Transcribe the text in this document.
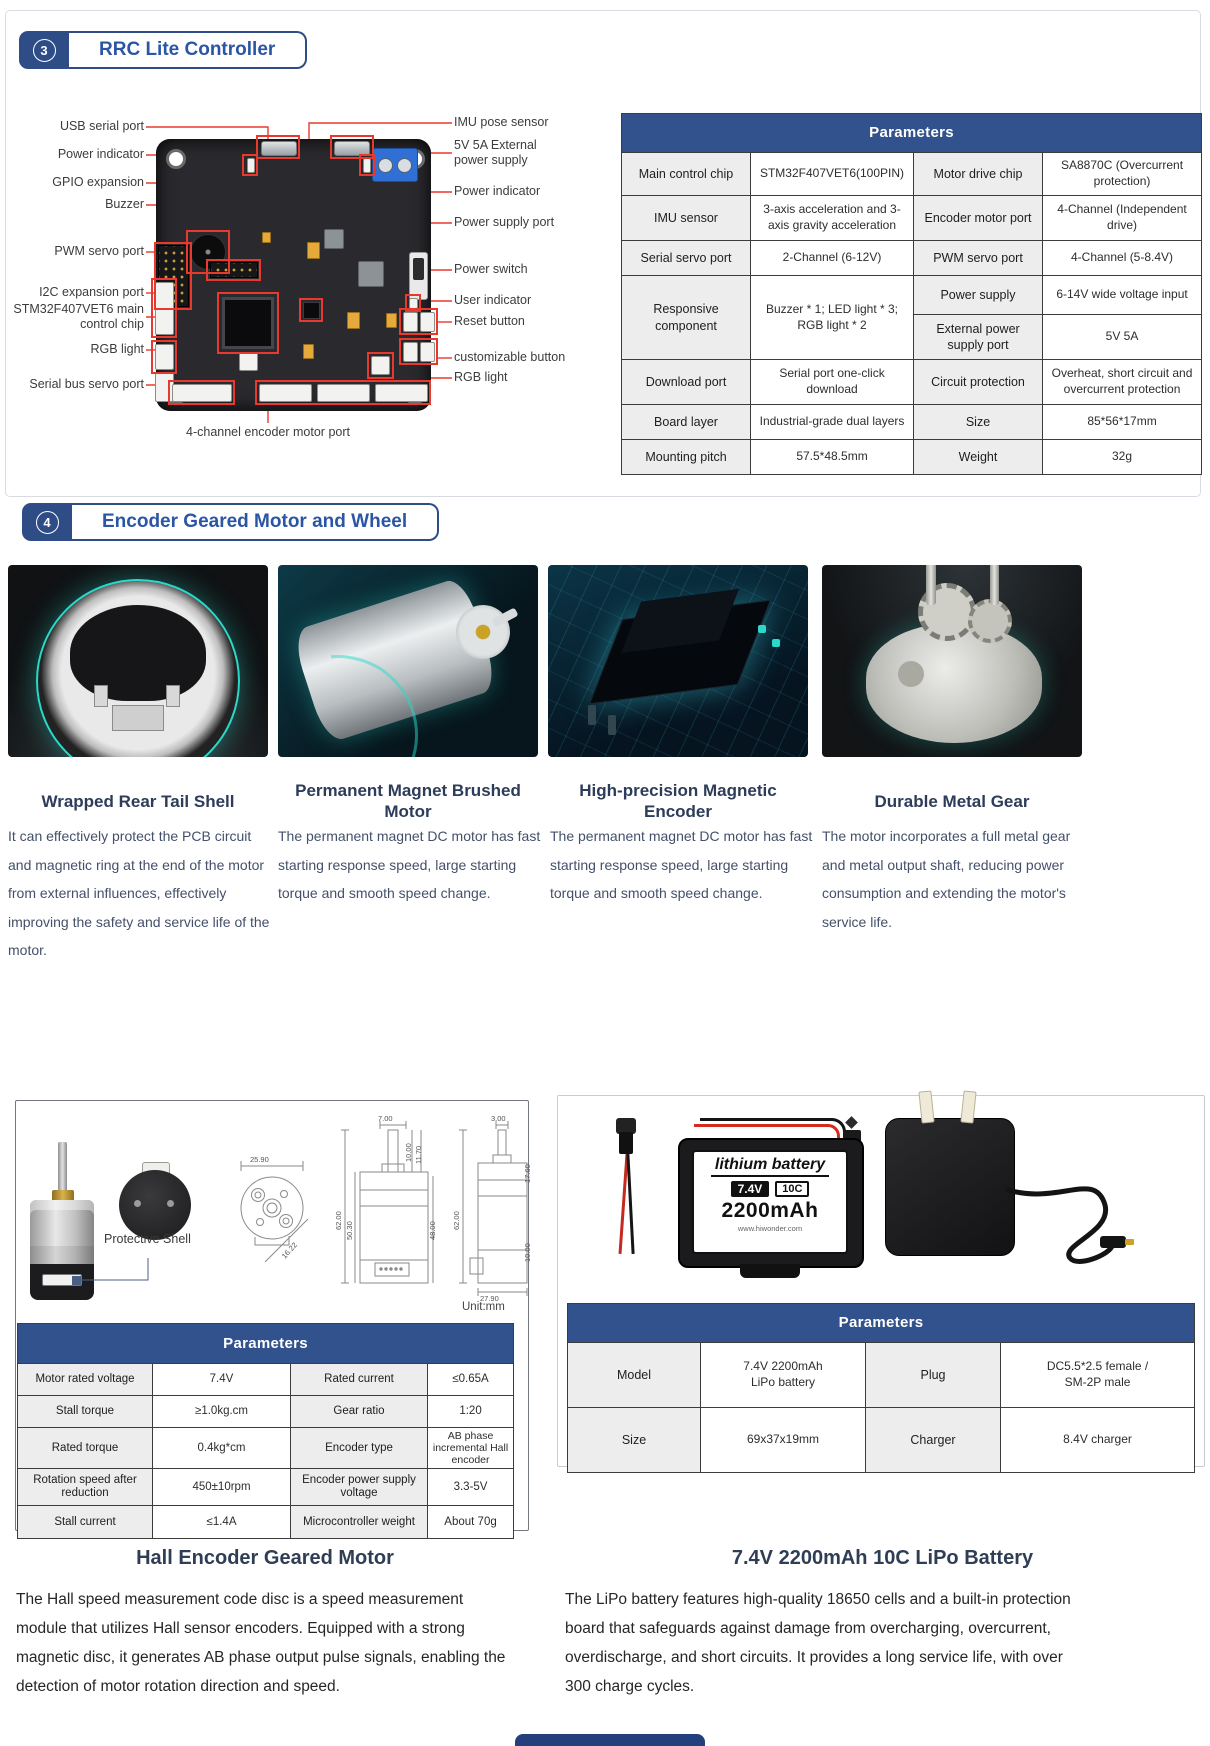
3	RRC Lite Controller
USB serial port
Power indicator
GPIO expansion
Buzzer
PWM servo port
I2C expansion port
STM32F407VET6 main control chip
RGB light
Serial bus servo port
4-channel encoder motor port
IMU pose sensor
5V 5A External power supply
Power indicator
Power supply port
Power switch
User indicator
Reset button
customizable button
RGB light
Parameters			
Main control chip	STM32F407VET6(100PIN)	Motor drive chip	SA8870C (Overcurrent protection)
IMU sensor	3-axis acceleration and 3-axis gravity acceleration	Encoder motor port	4-Channel (Independent drive)
Serial servo port	2-Channel (6-12V)	PWM servo port	4-Channel (5-8.4V)
Responsive component	Buzzer * 1; LED light * 3; RGB light * 2	Power supply	6-14V wide voltage input
		External power supply port	5V 5A
Download port	Serial port one-click download	Circuit protection	Overheat, short circuit and overcurrent protection
Board layer	Industrial-grade dual layers	Size	85*56*17mm
Mounting pitch	57.5*48.5mm	Weight	32g
4	Encoder Geared Motor and Wheel
Wrapped Rear Tail Shell
Permanent Magnet Brushed Motor
High-precision Magnetic Encoder
Durable Metal Gear
It can effectively protect the PCB circuit and magnetic ring at the end of the motor from external influences, effectively improving the safety and service life of the motor.
The permanent magnet DC motor has fast starting response speed, large starting torque and smooth speed change.
The permanent magnet DC motor has fast starting response speed, large starting torque and smooth speed change.
The motor incorporates a full metal gear and metal output shaft, reducing power consumption and extending the motor's service life.
Protective Shell
7.00
10.00 11.70
3.00
25.90
62.00
50.30	48.00
62.00
27.90
17.60
10.00
16.22
Unit:mm
Parameters			
Motor rated voltage	7.4V	Rated current	≤0.65A
Stall torque	≥1.0kg.cm	Gear ratio	1:20
Rated torque	0.4kg*cm	Encoder type	AB phase incremental Hall encoder
Rotation speed after reduction	450±10rpm	Encoder power supply voltage	3.3-5V
Stall current	≤1.4A	Microcontroller weight	About 70g
lithium battery
7.4V	10C
2200mAh
www.hiwonder.com
Parameters			
Model	7.4V 2200mAh LiPo battery	Plug	DC5.5*2.5 female / SM-2P male
Size	69x37x19mm	Charger	8.4V charger
Hall Encoder Geared Motor	7.4V 2200mAh 10C LiPo Battery
The Hall speed measurement code disc is a speed measurement module that utilizes Hall sensor encoders. Equipped with a strong magnetic disc, it generates AB phase output pulse signals, enabling the detection of motor rotation direction and speed.
The LiPo battery features high-quality 18650 cells and a built-in protection board that safeguards against damage from overcharging, overcurrent, overdischarge, and short circuits. It provides a long service life, with over 300 charge cycles.
